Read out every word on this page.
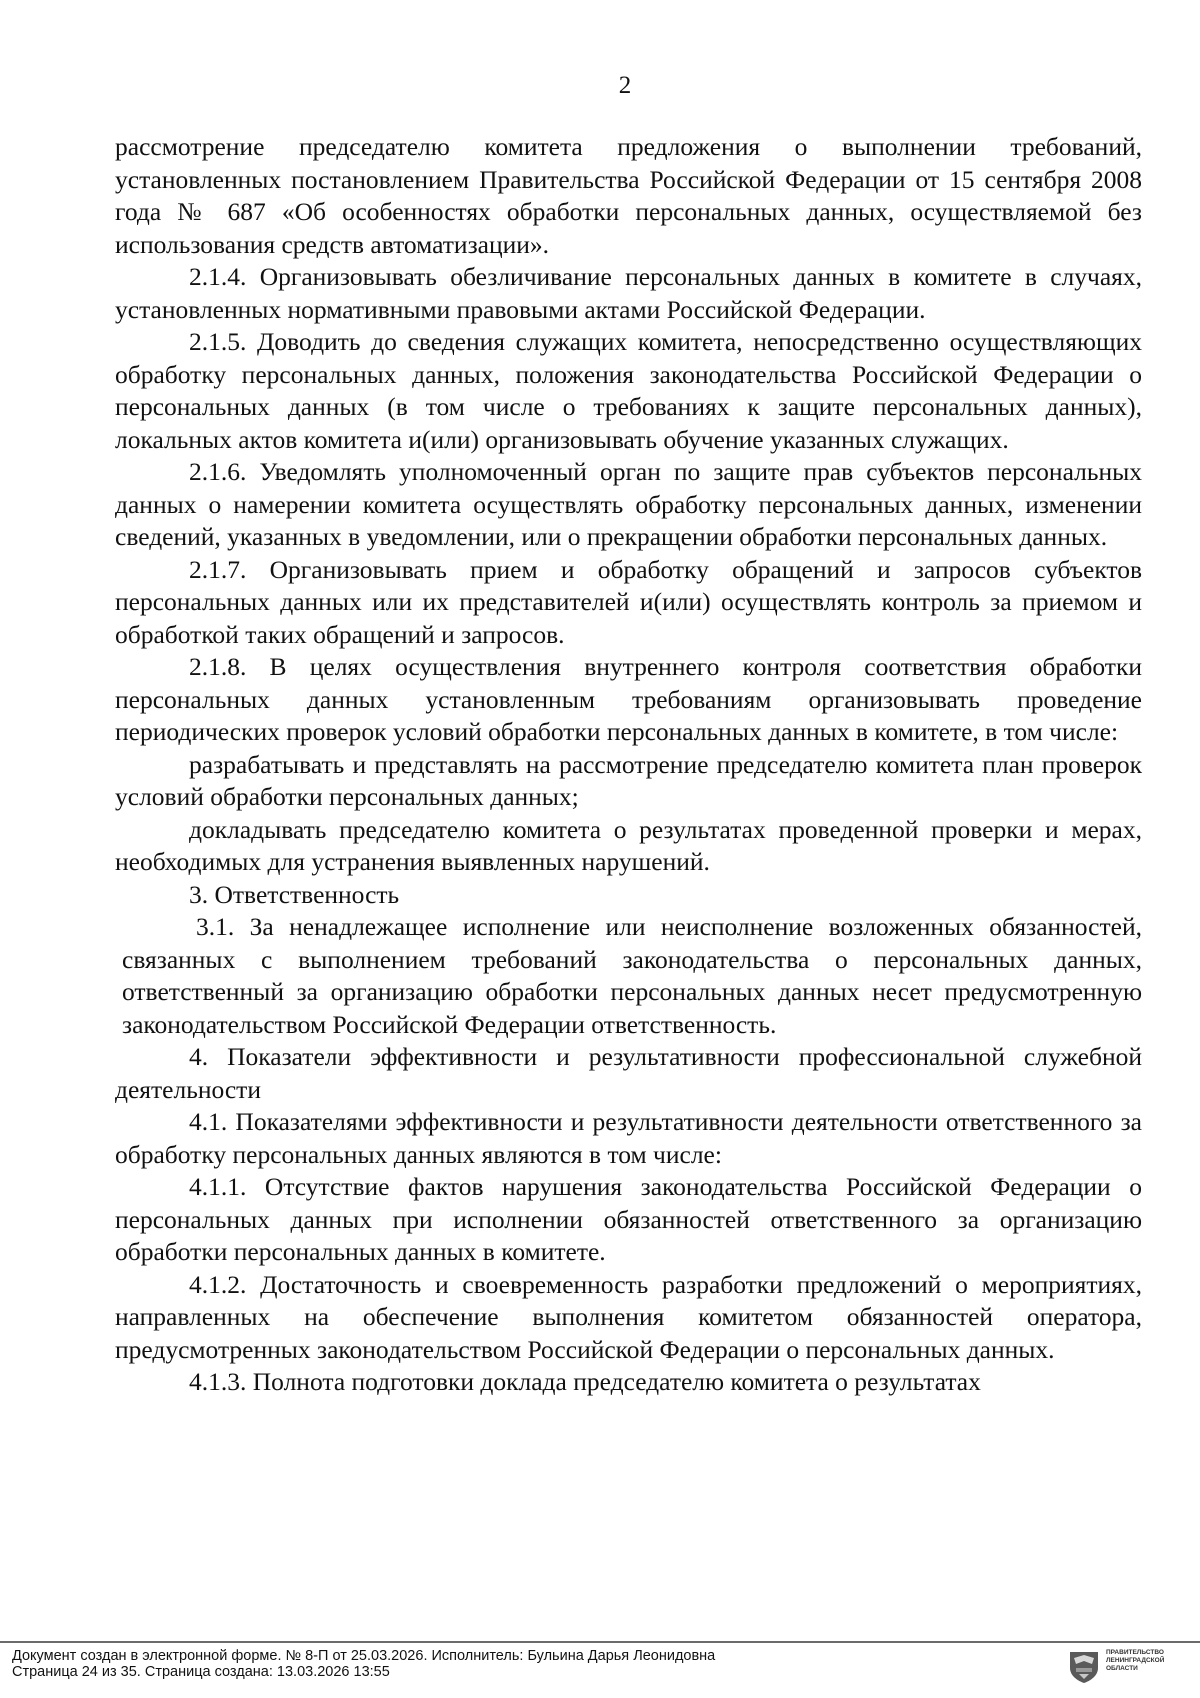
2

рассмотрение председателю комитета предложения о выполнении требований, установленных постановлением Правительства Российской Федерации от 15 сентября 2008 года № 687 «Об особенностях обработки персональных данных, осуществляемой без использования средств автоматизации».

2.1.4. Организовывать обезличивание персональных данных в комитете в случаях, установленных нормативными правовыми актами Российской Федерации.

2.1.5. Доводить до сведения служащих комитета, непосредственно осуществляющих обработку персональных данных, положения законодательства Российской Федерации о персональных данных (в том числе о требованиях к защите персональных данных), локальных актов комитета и(или) организовывать обучение указанных служащих.

2.1.6. Уведомлять уполномоченный орган по защите прав субъектов персональных данных о намерении комитета осуществлять обработку персональных данных, изменении сведений, указанных в уведомлении, или о прекращении обработки персональных данных.

2.1.7. Организовывать прием и обработку обращений и запросов субъектов персональных данных или их представителей и(или) осуществлять контроль за приемом и обработкой таких обращений и запросов.

2.1.8. В целях осуществления внутреннего контроля соответствия обработки персональных данных установленным требованиям организовывать проведение периодических проверок условий обработки персональных данных в комитете, в том числе:

разрабатывать и представлять на рассмотрение председателю комитета план проверок условий обработки персональных данных;

докладывать председателю комитета о результатах проведенной проверки и мерах, необходимых для устранения выявленных нарушений.

3. Ответственность

3.1. За ненадлежащее исполнение или неисполнение возложенных обязанностей, связанных с выполнением требований законодательства о персональных данных, ответственный за организацию обработки персональных данных несет предусмотренную законодательством Российской Федерации ответственность.

4. Показатели эффективности и результативности профессиональной служебной деятельности

4.1. Показателями эффективности и результативности деятельности ответственного за обработку персональных данных являются в том числе:

4.1.1. Отсутствие фактов нарушения законодательства Российской Федерации о персональных данных при исполнении обязанностей ответственного за организацию обработки персональных данных в комитете.

4.1.2. Достаточность и своевременность разработки предложений о мероприятиях, направленных на обеспечение выполнения комитетом обязанностей оператора, предусмотренных законодательством Российской Федерации о персональных данных.

4.1.3. Полнота подготовки доклада председателю комитета о результатах

Документ создан в электронной форме. № 8-П от 25.03.2026. Исполнитель: Бульина Дарья Леонидовна
Страница 24 из 35. Страница создана: 13.03.2026 13:55
ПРАВИТЕЛЬСТВО ЛЕНИНГРАДСКОЙ ОБЛАСТИ
